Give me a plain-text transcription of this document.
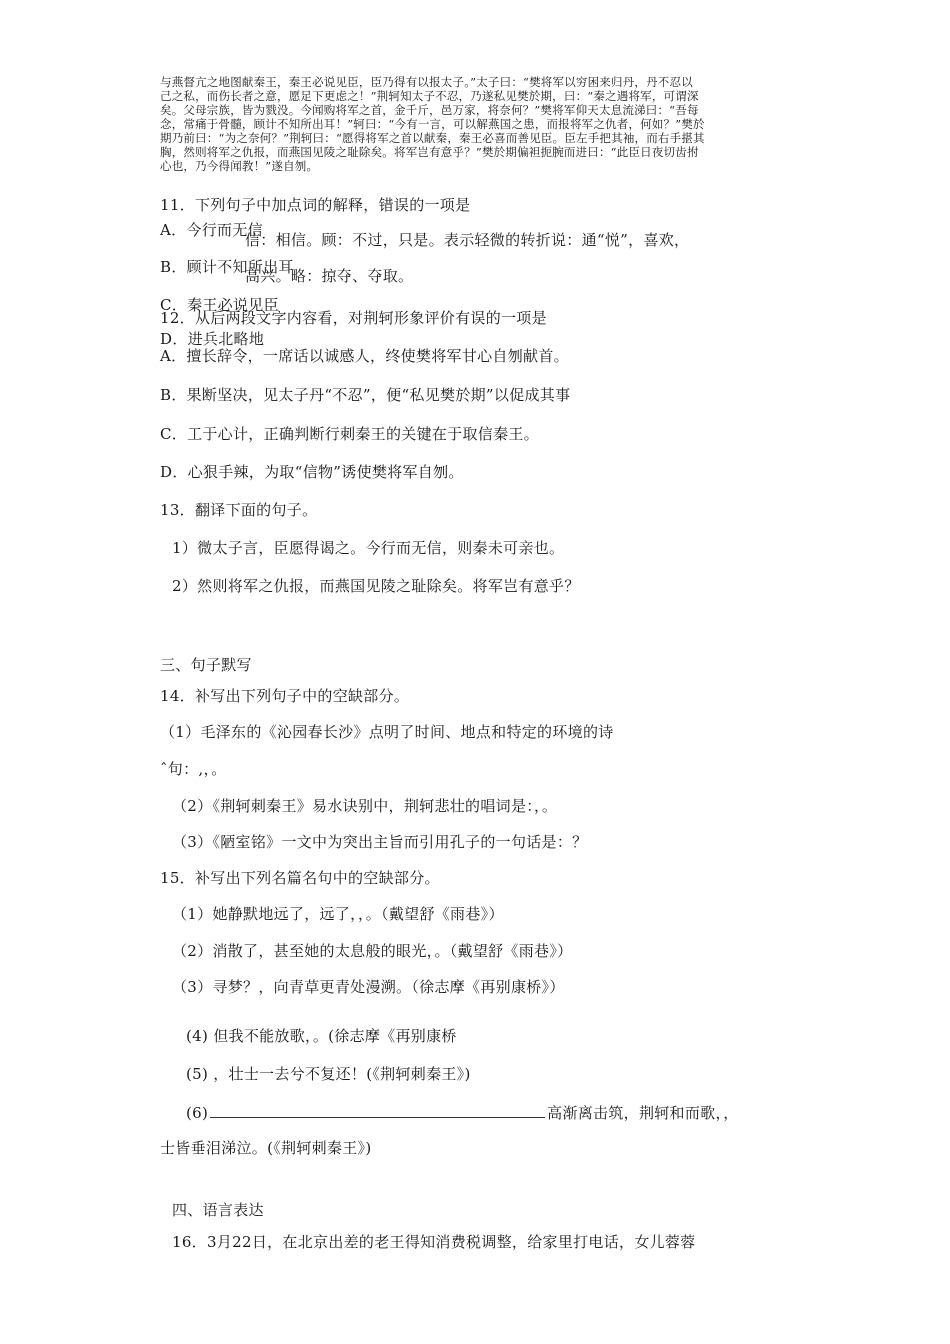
与燕督亢之地图献秦王，秦王必说见臣，臣乃得有以报太子。”太子曰：“樊将军以穷困来归丹，丹不忍以
己之私，而伤长者之意，愿足下更虑之！”荆轲知太子不忍，乃遂私见樊於期，曰：“秦之遇将军，可谓深
矣。父母宗族，皆为戮没。今闻购将军之首，金千斤，邑万家，将奈何？”樊将军仰天太息流涕曰：“吾每
念，常痛于骨髓，顾计不知所出耳！”轲曰：“今有一言，可以解燕国之患，而报将军之仇者，何如？”樊於
期乃前曰：“为之奈何？”荆轲曰：“愿得将军之首以献秦，秦王必喜而善见臣。臣左手把其袖，而右手揕其
胸，然则将军之仇报，而燕国见陵之耻除矣。将军岂有意乎？”樊於期偏袒扼腕而进曰：“此臣日夜切齿拊
心也，乃今得闻教！”遂自刎。
11．下列句子中加点词的解释，错误的一项是
A．今行而无信
信：相信。顾：不过，只是。表示轻微的转折说：通“悦”，喜欢，
B．顾计不知所出耳
高兴。略：掠夺、夺取。
C．秦王必说见臣
12．从后两段文字内容看，对荆轲形象评价有误的一项是
D．进兵北略地
A．擅长辞令，一席话以诚感人，终使樊将军甘心自刎献首。
B．果断坚决，见太子丹“不忍”，便“私见樊於期”以促成其事
C．工于心计，正确判断行刺秦王的关键在于取信秦王。
D．心狠手辣，为取“信物”诱使樊将军自刎。
13．翻译下面的句子。
1）微太子言，臣愿得谒之。今行而无信，则秦未可亲也。
2）然则将军之仇报，而燕国见陵之耻除矣。将军岂有意乎？
三、句子默写
14．补写出下列句子中的空缺部分。
（1）毛泽东的《沁园春长沙》点明了时间、地点和特定的环境的诗
ˆ句：,，。
（2）《荆轲刺秦王》易水诀别中，荆轲悲壮的唱词是：，。
（3）《陋室铭》一文中为突出主旨而引用孔子的一句话是：？
15．补写出下列名篇名句中的空缺部分。
（1）她静默地远了，远了，，。（戴望舒《雨巷》）
（2）消散了，甚至她的太息般的眼光，。（戴望舒《雨巷》）
（3）寻梦？，向青草更青处漫溯。（徐志摩《再别康桥》）
(4) 但我不能放歌，。(徐志摩《再别康桥
(5) ，壮士一去兮不复还！(《荆轲刺秦王》)
(6)	高渐离击筑，荆轲和而歌，，
士皆垂泪涕泣。(《荆轲刺秦王》)
四、语言表达
16．3月22日，在北京出差的老王得知消费税调整，给家里打电话，女儿蓉蓉
